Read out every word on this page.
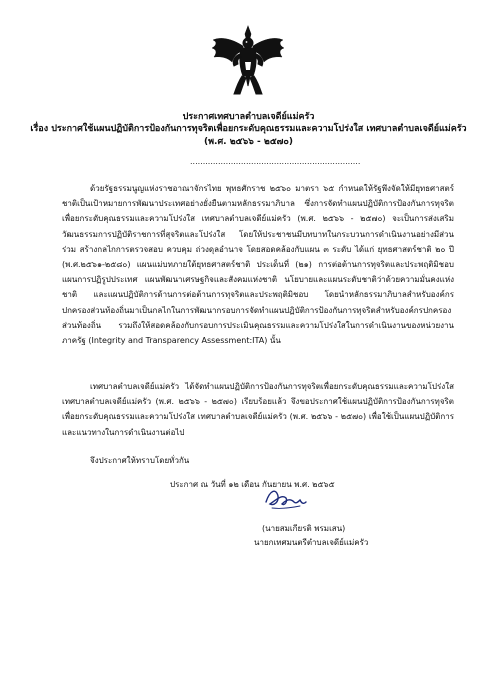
ประกาศเทศบาลตำบลเจดีย์แม่ครัว
เรื่อง ประกาศใช้แผนปฏิบัติการป้องกันการทุจริตเพื่อยกระดับคุณธรรมและความโปร่งใส เทศบาลตำบลเจดีย์แม่ครัว
(พ.ศ. ๒๕๖๖ - ๒๕๗๐)
...................................................................
ด้วยรัฐธรรมนูญแห่งราชอาณาจักรไทย พุทธศักราช ๒๕๖๐ มาตรา ๖๕ กำหนดให้รัฐพึงจัดให้มียุทธศาสตร์ชาติเป็นเป้าหมายการพัฒนาประเทศอย่างยั่งยืนตามหลักธรรมาภิบาล ซึ่งการจัดทำแผนปฏิบัติการป้องกันการทุจริตเพื่อยกระดับคุณธรรมและความโปร่งใส เทศบาลตำบลเจดีย์แม่ครัว (พ.ศ. ๒๕๖๖ - ๒๕๗๐) จะเป็นการส่งเสริมวัฒนธรรมการปฏิบัติราชการที่สุจริตและโปร่งใส โดยให้ประชาชนมีบทบาทในกระบวนการดำเนินงานอย่างมีส่วนร่วม สร้างกลไกการตรวจสอบ ควบคุม ถ่วงดุลอำนาจ โดยสอดคล้องกับแผน ๓ ระดับ ได้แก่ ยุทธศาสตร์ชาติ ๒๐ ปี (พ.ศ.๒๕๖๑-๒๕๘๐) แผนแม่บทภายใต้ยุทธศาสตร์ชาติ ประเด็นที่ (๒๑) การต่อต้านการทุจริตและประพฤติมิชอบ แผนการปฏิรูปประเทศ แผนพัฒนาเศรษฐกิจและสังคมแห่งชาติ นโยบายและแผนระดับชาติว่าด้วยความมั่นคงแห่งชาติ และแผนปฏิบัติการด้านการต่อต้านการทุจริตและประพฤติมิชอบ โดยนำหลักธรรมาภิบาลสำหรับองค์กรปกครองส่วนท้องถิ่นมาเป็นกลไกในการพัฒนากรอบการจัดทำแผนปฏิบัติการป้องกันการทุจริตสำหรับองค์กรปกครองส่วนท้องถิ่น รวมถึงให้สอดคล้องกับกรอบการประเมินคุณธรรมและความโปร่งใสในการดำเนินงานของหน่วยงานภาครัฐ (Integrity and Transparency Assessment:ITA) นั้น
เทศบาลตำบลเจดีย์แม่ครัว ได้จัดทำแผนปฏิบัติการป้องกันการทุจริตเพื่อยกระดับคุณธรรมและความโปร่งใส เทศบาลตำบลเจดีย์แม่ครัว (พ.ศ. ๒๕๖๖ - ๒๕๗๐) เรียบร้อยแล้ว จึงขอประกาศใช้แผนปฏิบัติการป้องกันการทุจริตเพื่อยกระดับคุณธรรมและความโปร่งใส เทศบาลตำบลเจดีย์แม่ครัว (พ.ศ. ๒๕๖๖ - ๒๕๗๐) เพื่อใช้เป็นแผนปฏิบัติการและแนวทางในการดำเนินงานต่อไป
จึงประกาศให้ทราบโดยทั่วกัน
ประกาศ ณ วันที่ ๑๒ เดือน กันยายน พ.ศ. ๒๕๖๕
(นายสมเกียรติ พรมเสน)
นายกเทศมนตรีตำบลเจดีย์แม่ครัว
